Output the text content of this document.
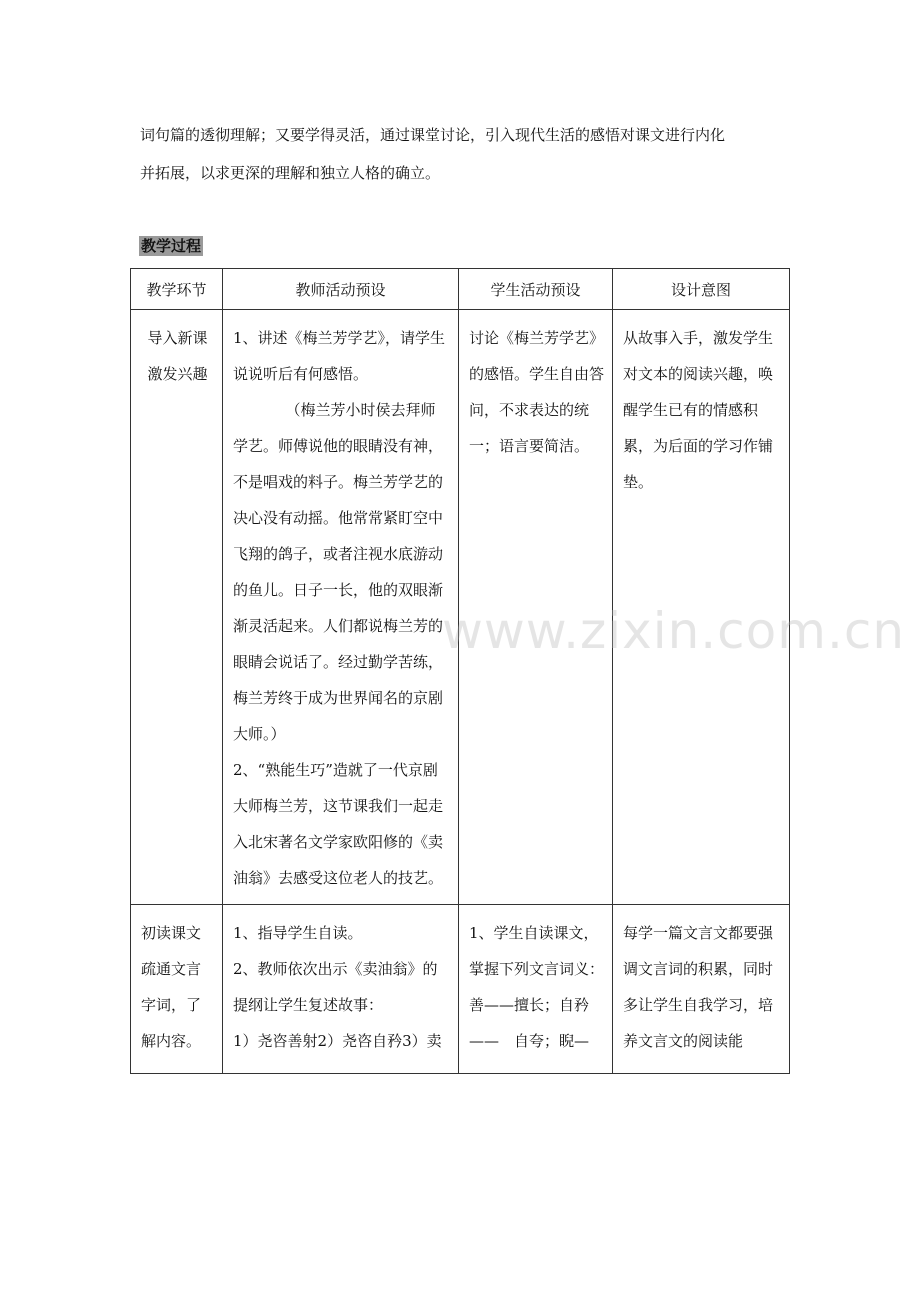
词句篇的透彻理解；又要学得灵活，通过课堂讨论，引入现代生活的感悟对课文进行内化
并拓展，以求更深的理解和独立人格的确立。
教学过程
教学环节	教师活动预设	学生活动预设	设计意图

导入新课激发兴趣	1、讲述《梅兰芳学艺》，请学生说说听后有何感悟。

（梅兰芳小时侯去拜师学艺。师傅说他的眼睛没有神，不是唱戏的料子。梅兰芳学艺的决心没有动摇。他常常紧盯空中飞翔的鸽子，或者注视水底游动的鱼儿。日子一长，他的双眼渐渐灵活起来。人们都说梅兰芳的眼睛会说话了。经过勤学苦练，梅兰芳终于成为世界闻名的京剧大师。）

2、“熟能生巧”造就了一代京剧大师梅兰芳，这节课我们一起走入北宋著名文学家欧阳修的《卖油翁》去感受这位老人的技艺。	讨论《梅兰芳学艺》的感悟。学生自由答问，不求表达的统一；语言要简洁。	从故事入手，激发学生对文本的阅读兴趣，唤醒学生已有的情感积累，为后面的学习作铺垫。

初读课文疏通文言字词，了解内容。	1、指导学生自读。

2、教师依次出示《卖油翁》的提纲让学生复述故事：

1）尧咨善射2）尧咨自矜3）卖	1、学生自读课文，掌握下列文言词义：善——擅长；自矜——　自夸；睨—	每学一篇文言文都要强调文言词的积累，同时多让学生自我学习，培养文言文的阅读能
www.zixin.com.cn
